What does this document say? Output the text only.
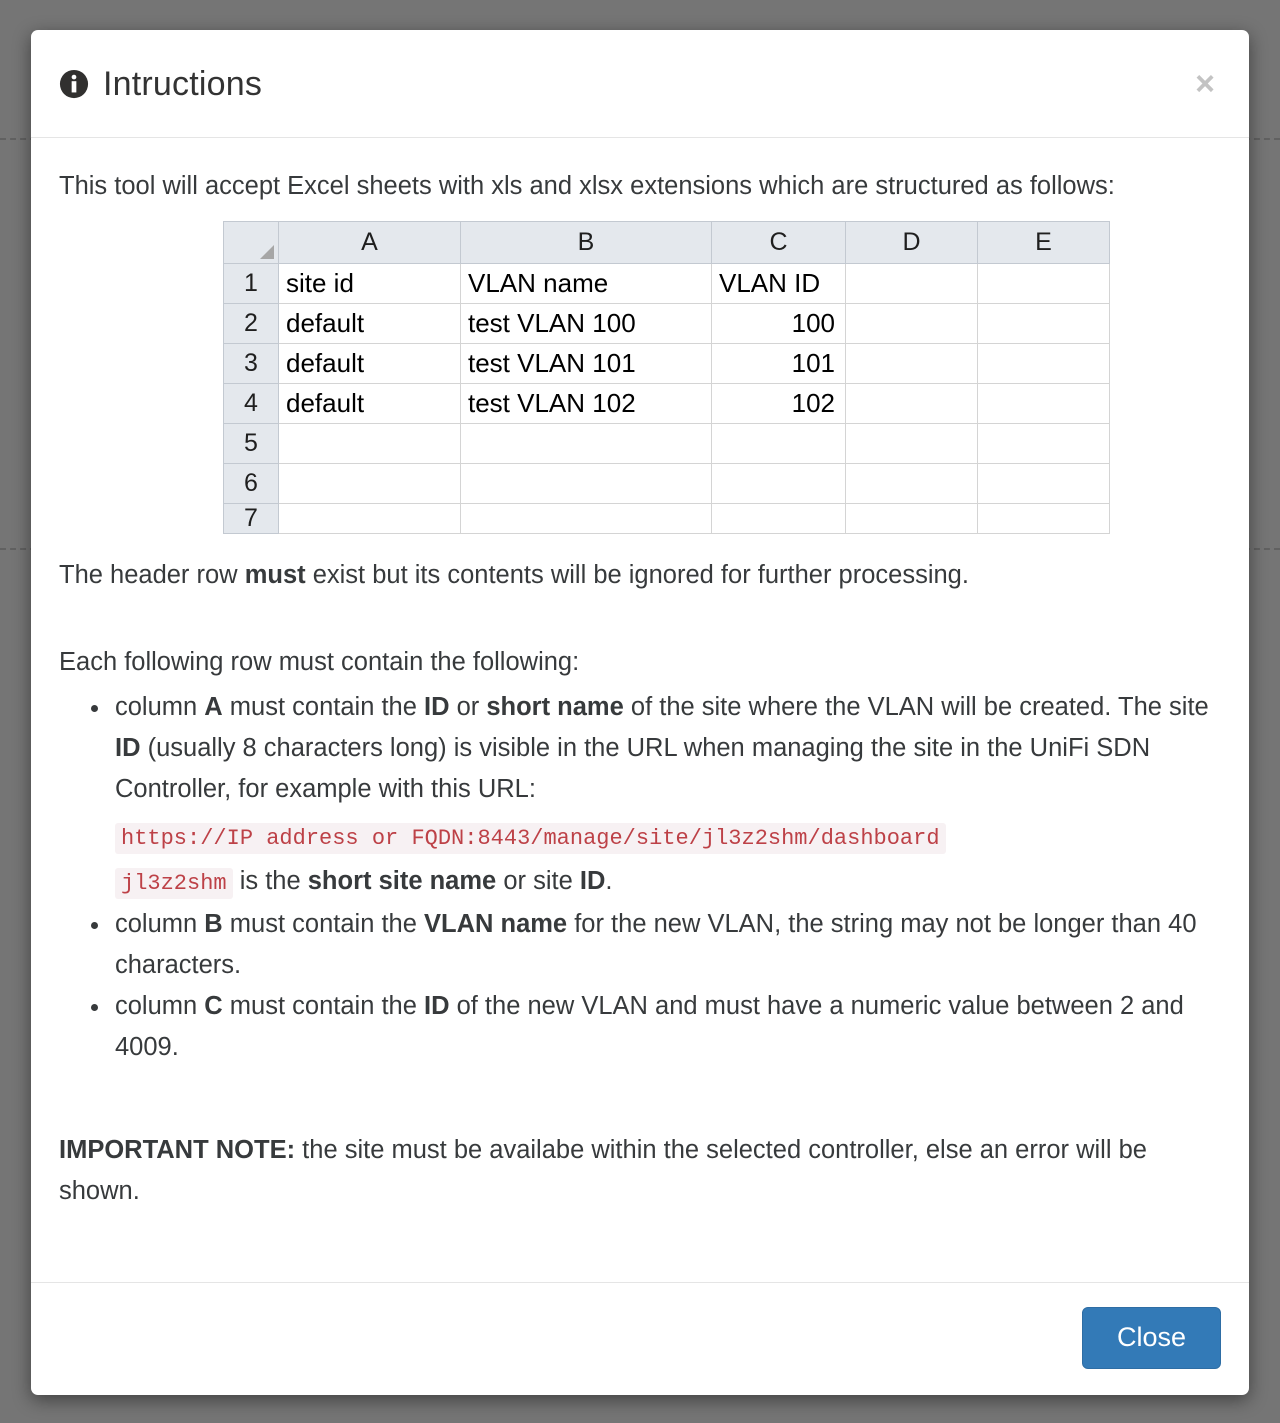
Intructions	×

This tool will accept Excel sheets with xls and xlsx extensions which are structured as follows:

	A	B	C	D	E
1	site id	VLAN name	VLAN ID		
2	default	test VLAN 100	100		
3	default	test VLAN 101	101		
4	default	test VLAN 102	102		
5					
6					
7					

The header row must exist but its contents will be ignored for further processing.

Each following row must contain the following:

• column A must contain the ID or short name of the site where the VLAN will be created. The site ID (usually 8 characters long) is visible in the URL when managing the site in the UniFi SDN Controller, for example with this URL:
https://IP address or FQDN:8443/manage/site/jl3z2shm/dashboard
jl3z2shm is the short site name or site ID.
• column B must contain the VLAN name for the new VLAN, the string may not be longer than 40 characters.
• column C must contain the ID of the new VLAN and must have a numeric value between 2 and 4009.

IMPORTANT NOTE: the site must be availabe within the selected controller, else an error will be shown.

Close
